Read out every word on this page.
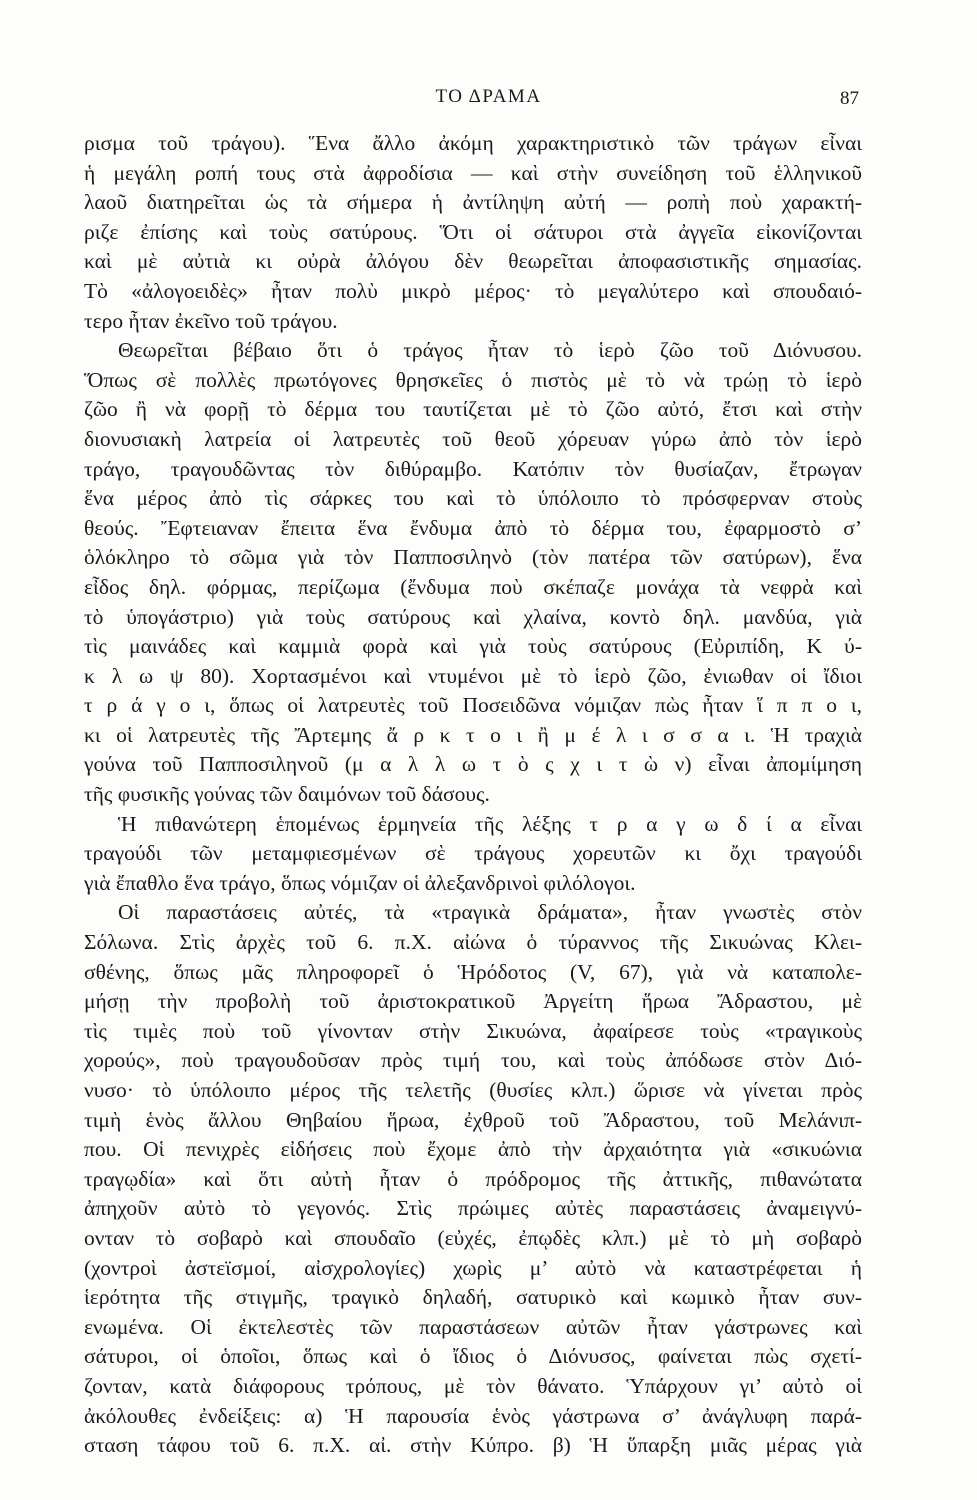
ΤΟ ΔΡΑΜΑ	87
ρισμα τοῦ τράγου). Ἕνα ἄλλο ἀκόμη χαρακτηριστικὸ τῶν τράγων εἶναι
ἡ μεγάλη ροπή τους στὰ ἀφροδίσια — καὶ στὴν συνείδηση τοῦ ἑλληνικοῦ
λαοῦ διατηρεῖται ὡς τὰ σήμερα ἡ ἀντίληψη αὐτή — ροπὴ ποὺ χαρακτή-
ριζε ἐπίσης καὶ τοὺς σατύρους. Ὅτι οἱ σάτυροι στὰ ἀγγεῖα εἰκονίζονται
καὶ μὲ αὐτιὰ κι οὐρὰ ἀλόγου δὲν θεωρεῖται ἀποφασιστικῆς σημασίας.
Τὸ «ἀλογοειδὲς» ἦταν πολὺ μικρὸ μέρος· τὸ μεγαλύτερο καὶ σπουδαιό-
τερο ἦταν ἐκεῖνο τοῦ τράγου.
Θεωρεῖται βέβαιο ὅτι ὁ τράγος ἦταν τὸ ἱερὸ ζῶο τοῦ Διόνυσου.
Ὅπως σὲ πολλὲς πρωτόγονες θρησκεῖες ὁ πιστὸς μὲ τὸ νὰ τρώῃ τὸ ἱερὸ
ζῶο ἢ νὰ φορῇ τὸ δέρμα του ταυτίζεται μὲ τὸ ζῶο αὐτό, ἔτσι καὶ στὴν
διονυσιακὴ λατρεία οἱ λατρευτὲς τοῦ θεοῦ χόρευαν γύρω ἀπὸ τὸν ἱερὸ
τράγο, τραγουδῶντας τὸν διθύραμβο. Κατόπιν τὸν θυσίαζαν, ἔτρωγαν
ἕνα μέρος ἀπὸ τὶς σάρκες του καὶ τὸ ὑπόλοιπο τὸ πρόσφερναν στοὺς
θεούς. Ἔφτειαναν ἔπειτα ἕνα ἔνδυμα ἀπὸ τὸ δέρμα του, ἐφαρμοστὸ σ’
ὁλόκληρο τὸ σῶμα γιὰ τὸν Παπποσιληνὸ (τὸν πατέρα τῶν σατύρων), ἕνα
εἶδος δηλ. φόρμας, περίζωμα (ἔνδυμα ποὺ σκέπαζε μονάχα τὰ νεφρὰ καὶ
τὸ ὑπογάστριο) γιὰ τοὺς σατύρους καὶ χλαίνα, κοντὸ δηλ. μανδύα, γιὰ
τὶς μαινάδες καὶ καμμιὰ φορὰ καὶ γιὰ τοὺς σατύρους (Εὐριπίδη, Κ ύ-
κ λ ω ψ 80). Χορτασμένοι καὶ ντυμένοι μὲ τὸ ἱερὸ ζῶο, ἐνιωθαν οἱ ἴδιοι
τ ρ ά γ ο ι, ὅπως οἱ λατρευτὲς τοῦ Ποσειδῶνα νόμιζαν πὼς ἦταν ἵ π π ο ι,
κι οἱ λατρευτὲς τῆς Ἄρτεμης ἄ ρ κ τ ο ι ἢ μ έ λ ι σ σ α ι. Ἡ τραχιὰ
γούνα τοῦ Παπποσιληνοῦ (μ α λ λ ω τ ὸ ς χ ι τ ὼ ν) εἶναι ἀπομίμηση
τῆς φυσικῆς γούνας τῶν δαιμόνων τοῦ δάσους.
Ἡ πιθανώτερη ἑπομένως ἑρμηνεία τῆς λέξης τ ρ α γ ω δ ί α εἶναι
τραγούδι τῶν μεταμφιεσμένων σὲ τράγους χορευτῶν κι ὄχι τραγούδι
γιὰ ἔπαθλο ἕνα τράγο, ὅπως νόμιζαν οἱ ἀλεξανδρινοὶ φιλόλογοι.
Οἱ παραστάσεις αὐτές, τὰ «τραγικὰ δράματα», ἦταν γνωστὲς στὸν
Σόλωνα. Στὶς ἀρχὲς τοῦ 6. π.Χ. αἰώνα ὁ τύραννος τῆς Σικυώνας Κλει-
σθένης, ὅπως μᾶς πληροφορεῖ ὁ Ἡρόδοτος (V, 67), γιὰ νὰ καταπολε-
μήσῃ τὴν προβολὴ τοῦ ἀριστοκρατικοῦ Ἀργείτη ἥρωα Ἄδραστου, μὲ
τὶς τιμὲς ποὺ τοῦ γίνονταν στὴν Σικυώνα, ἀφαίρεσε τοὺς «τραγικοὺς
χορούς», ποὺ τραγουδοῦσαν πρὸς τιμή του, καὶ τοὺς ἀπόδωσε στὸν Διό-
νυσο· τὸ ὑπόλοιπο μέρος τῆς τελετῆς (θυσίες κλπ.) ὥρισε νὰ γίνεται πρὸς
τιμὴ ἑνὸς ἄλλου Θηβαίου ἥρωα, ἐχθροῦ τοῦ Ἄδραστου, τοῦ Μελάνιπ-
που. Οἱ πενιχρὲς εἰδήσεις ποὺ ἔχομε ἀπὸ τὴν ἀρχαιότητα γιὰ «σικυώνια
τραγῳδία» καὶ ὅτι αὐτὴ ἦταν ὁ πρόδρομος τῆς ἀττικῆς, πιθανώτατα
ἀπηχοῦν αὐτὸ τὸ γεγονός. Στὶς πρώιμες αὐτὲς παραστάσεις ἀναμειγνύ-
ονταν τὸ σοβαρὸ καὶ σπουδαῖο (εὐχές, ἐπῳδὲς κλπ.) μὲ τὸ μὴ σοβαρὸ
(χοντροὶ ἀστεϊσμοί, αἰσχρολογίες) χωρὶς μ’ αὐτὸ νὰ καταστρέφεται ἡ
ἱερότητα τῆς στιγμῆς, τραγικὸ δηλαδή, σατυρικὸ καὶ κωμικὸ ἦταν συν-
ενωμένα. Οἱ ἐκτελεστὲς τῶν παραστάσεων αὐτῶν ἦταν γάστρωνες καὶ
σάτυροι, οἱ ὁποῖοι, ὅπως καὶ ὁ ἴδιος ὁ Διόνυσος, φαίνεται πὼς σχετί-
ζονταν, κατὰ διάφορους τρόπους, μὲ τὸν θάνατο. Ὑπάρχουν γι’ αὐτὸ οἱ
ἀκόλουθες ἐνδείξεις: α) Ἡ παρουσία ἑνὸς γάστρωνα σ’ ἀνάγλυφη παρά-
σταση τάφου τοῦ 6. π.Χ. αἰ. στὴν Κύπρο. β) Ἡ ὕπαρξη μιᾶς μέρας γιὰ
